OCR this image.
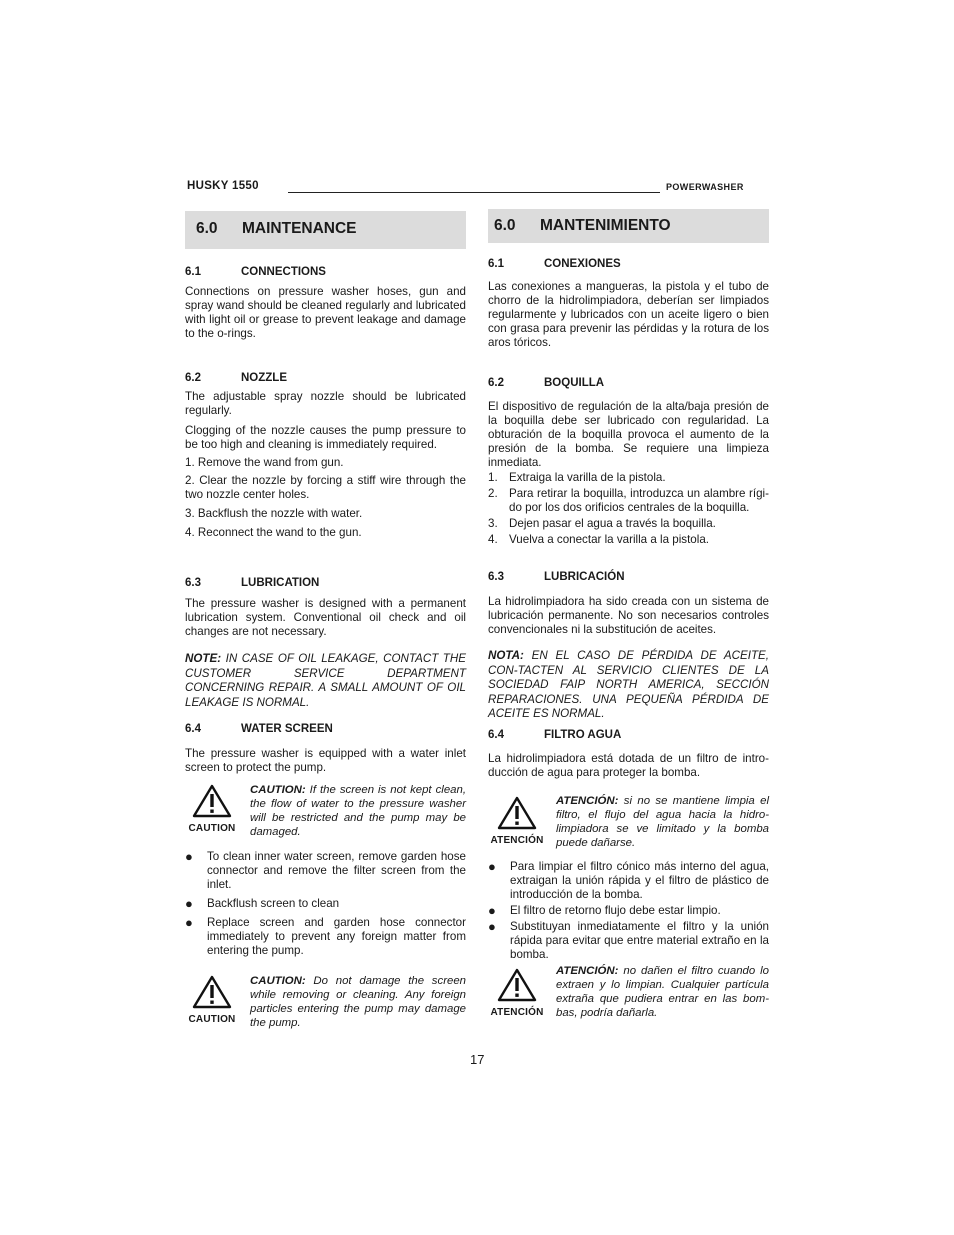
HUSKY 1550	POWERWASHER
6.0 MAINTENANCE
6.1	CONNECTIONS
Connections on pressure washer hoses, gun and spray wand should be cleaned regularly and lubricated with light oil or grease to prevent leakage and damage to the o-rings.
6.2	NOZZLE
The adjustable spray nozzle should be lubricated regularly.
Clogging of the nozzle causes the pump pressure to be too high and cleaning is immediately required.
1. Remove the wand from gun.
2. Clear the nozzle by forcing a stiff wire through the two nozzle center holes.
3. Backflush the nozzle with water.
4. Reconnect the wand to the gun.
6.3	LUBRICATION
The pressure washer is designed with a permanent lubrication system. Conventional oil check and oil changes are not necessary.
NOTE: IN CASE OF OIL LEAKAGE, CONTACT THE CUSTOMER SERVICE DEPARTMENT CONCERNING REPAIR. A SMALL AMOUNT OF OIL LEAKAGE IS NORMAL.
6.4	WATER SCREEN
The pressure washer is equipped with a water inlet screen to protect the pump.
CAUTION
CAUTION: If the screen is not kept clean, the flow of water to the pressure washer will be restricted and the pump may be damaged.
●	To clean inner water screen, remove garden hose connector and remove the filter screen from the inlet.
●	Backflush screen to clean
●	Replace screen and garden hose connector immediately to prevent any foreign matter from entering the pump.
CAUTION
CAUTION: Do not damage the screen while removing or cleaning. Any foreign particles entering the pump may damage the pump.
6.0 MANTENIMIENTO
6.1	CONEXIONES
Las conexiones a mangueras, la pistola y el tubo de chorro de la hidrolimpiadora, deberían ser limpiados regularmente y lubricados con un aceite ligero o bien con grasa para prevenir las pérdidas y la rotura de los aros tóricos.
6.2	BOQUILLA
El dispositivo de regulación de la alta/baja presión de la boquilla debe ser lubricado con regularidad. La obturación de la boquilla provoca el aumento de la presión de la bomba. Se requiere una limpieza inmediata.
1. Extraiga la varilla de la pistola.
2. Para retirar la boquilla, introduzca un alambre rígi-do por los dos orificios centrales de la boquilla.
3. Dejen pasar el agua a través la boquilla.
4. Vuelva a conectar la varilla a la pistola.
6.3	LUBRICACIÓN
La hidrolimpiadora ha sido creada con un sistema de lubricación permanente. No son necesarios controles convencionales ni la substitución de aceites.
NOTA: EN EL CASO DE PÉRDIDA DE ACEITE, CON-TACTEN AL SERVICIO CLIENTES DE LA SOCIEDAD FAIP NORTH AMERICA, SECCIÓN REPARACIONES. UNA PEQUEÑA PÉRDIDA DE ACEITE ES NORMAL.
6.4	FILTRO AGUA
La hidrolimpiadora está dotada de un filtro de intro-ducción de agua para proteger la bomba.
ATENCIÓN
ATENCIÓN: si no se mantiene limpia el filtro, el flujo del agua hacia la hidro-limpiadora se ve limitado y la bomba puede dañarse.
●	Para limpiar el filtro cónico más interno del agua, extraigan la unión rápida y el filtro de plástico de introducción de la bomba.
●	El filtro de retorno flujo debe estar limpio.
●	Substituyan inmediatamente el filtro y la unión rápida para evitar que entre material extraño en la bomba.
ATENCIÓN
ATENCIÓN: no dañen el filtro cuando lo extraen y lo limpian. Cualquier partícula extraña que pudiera entrar en las bom-bas, podría dañarla.
17
